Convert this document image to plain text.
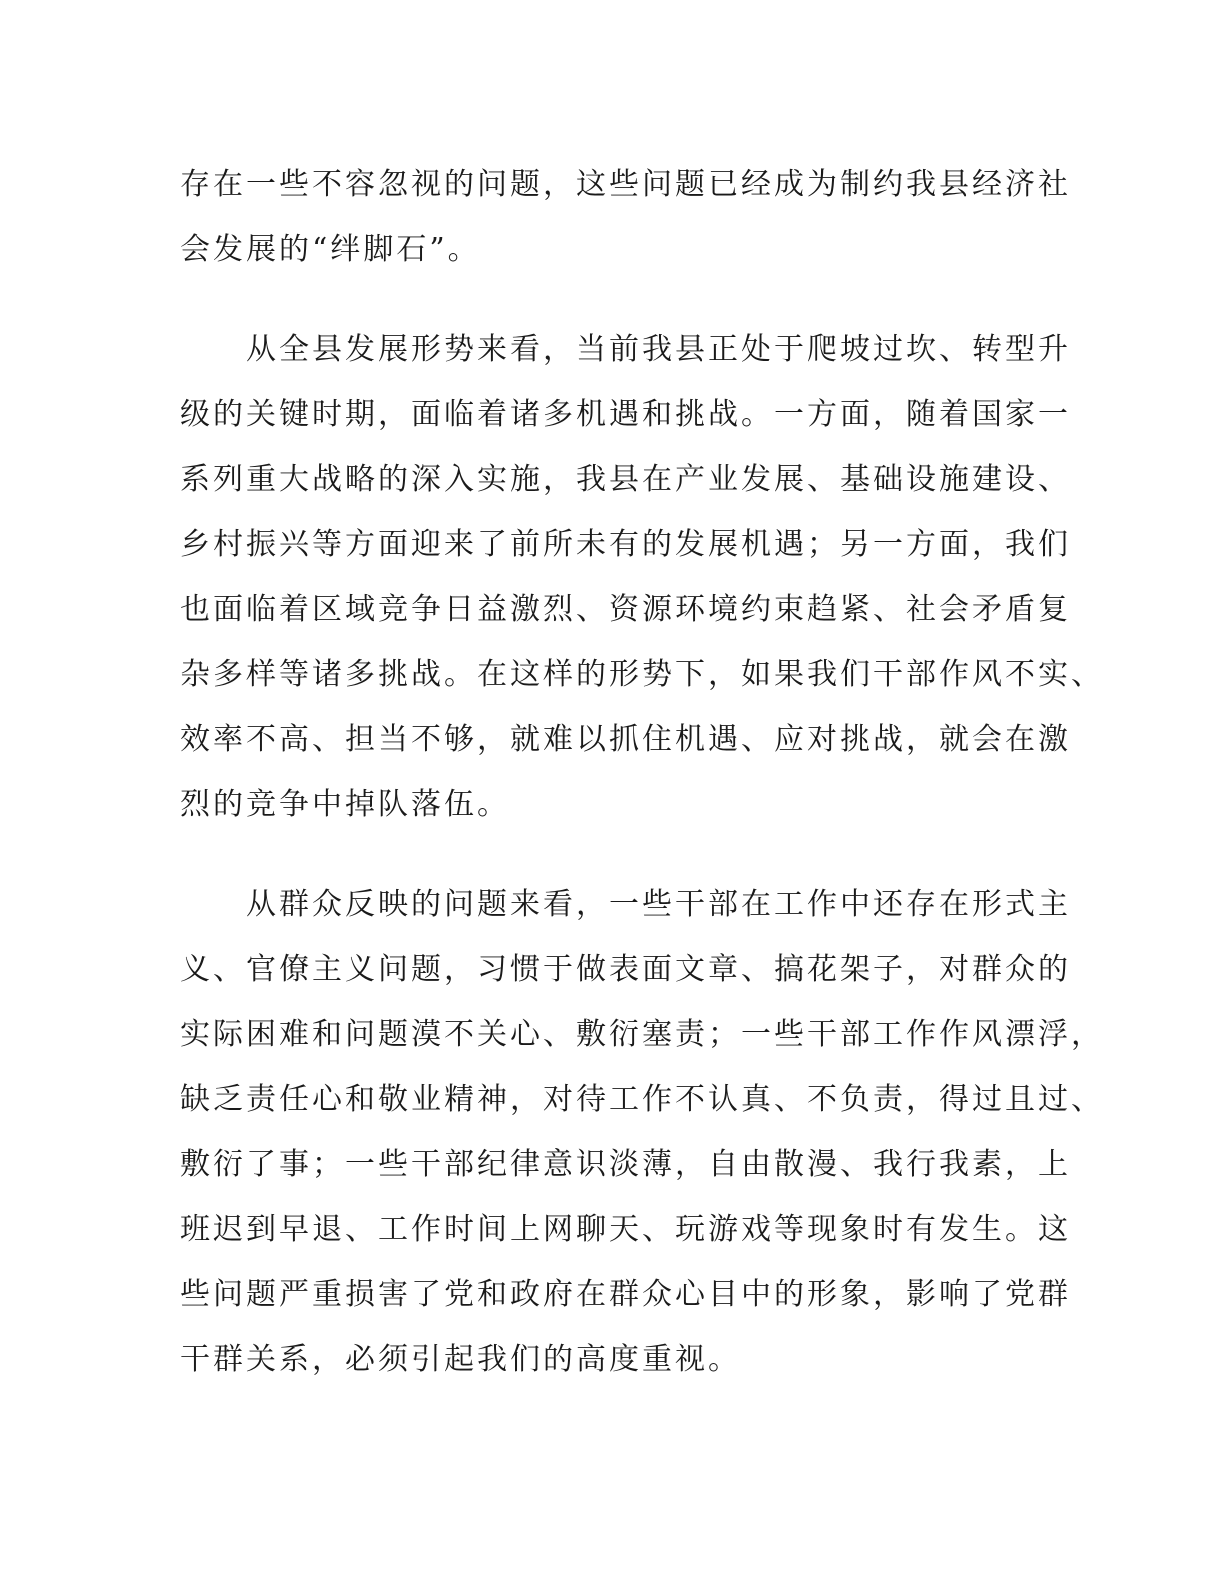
存在一些不容忽视的问题，这些问题已经成为制约我县经济社
会发展的“绊脚石”。
　　从全县发展形势来看，当前我县正处于爬坡过坎、转型升
级的关键时期，面临着诸多机遇和挑战。一方面，随着国家一
系列重大战略的深入实施，我县在产业发展、基础设施建设、
乡村振兴等方面迎来了前所未有的发展机遇；另一方面，我们
也面临着区域竞争日益激烈、资源环境约束趋紧、社会矛盾复
杂多样等诸多挑战。在这样的形势下，如果我们干部作风不实、
效率不高、担当不够，就难以抓住机遇、应对挑战，就会在激
烈的竞争中掉队落伍。
　　从群众反映的问题来看，一些干部在工作中还存在形式主
义、官僚主义问题，习惯于做表面文章、搞花架子，对群众的
实际困难和问题漠不关心、敷衍塞责；一些干部工作作风漂浮，
缺乏责任心和敬业精神，对待工作不认真、不负责，得过且过、
敷衍了事；一些干部纪律意识淡薄，自由散漫、我行我素，上
班迟到早退、工作时间上网聊天、玩游戏等现象时有发生。这
些问题严重损害了党和政府在群众心目中的形象，影响了党群
干群关系，必须引起我们的高度重视。
